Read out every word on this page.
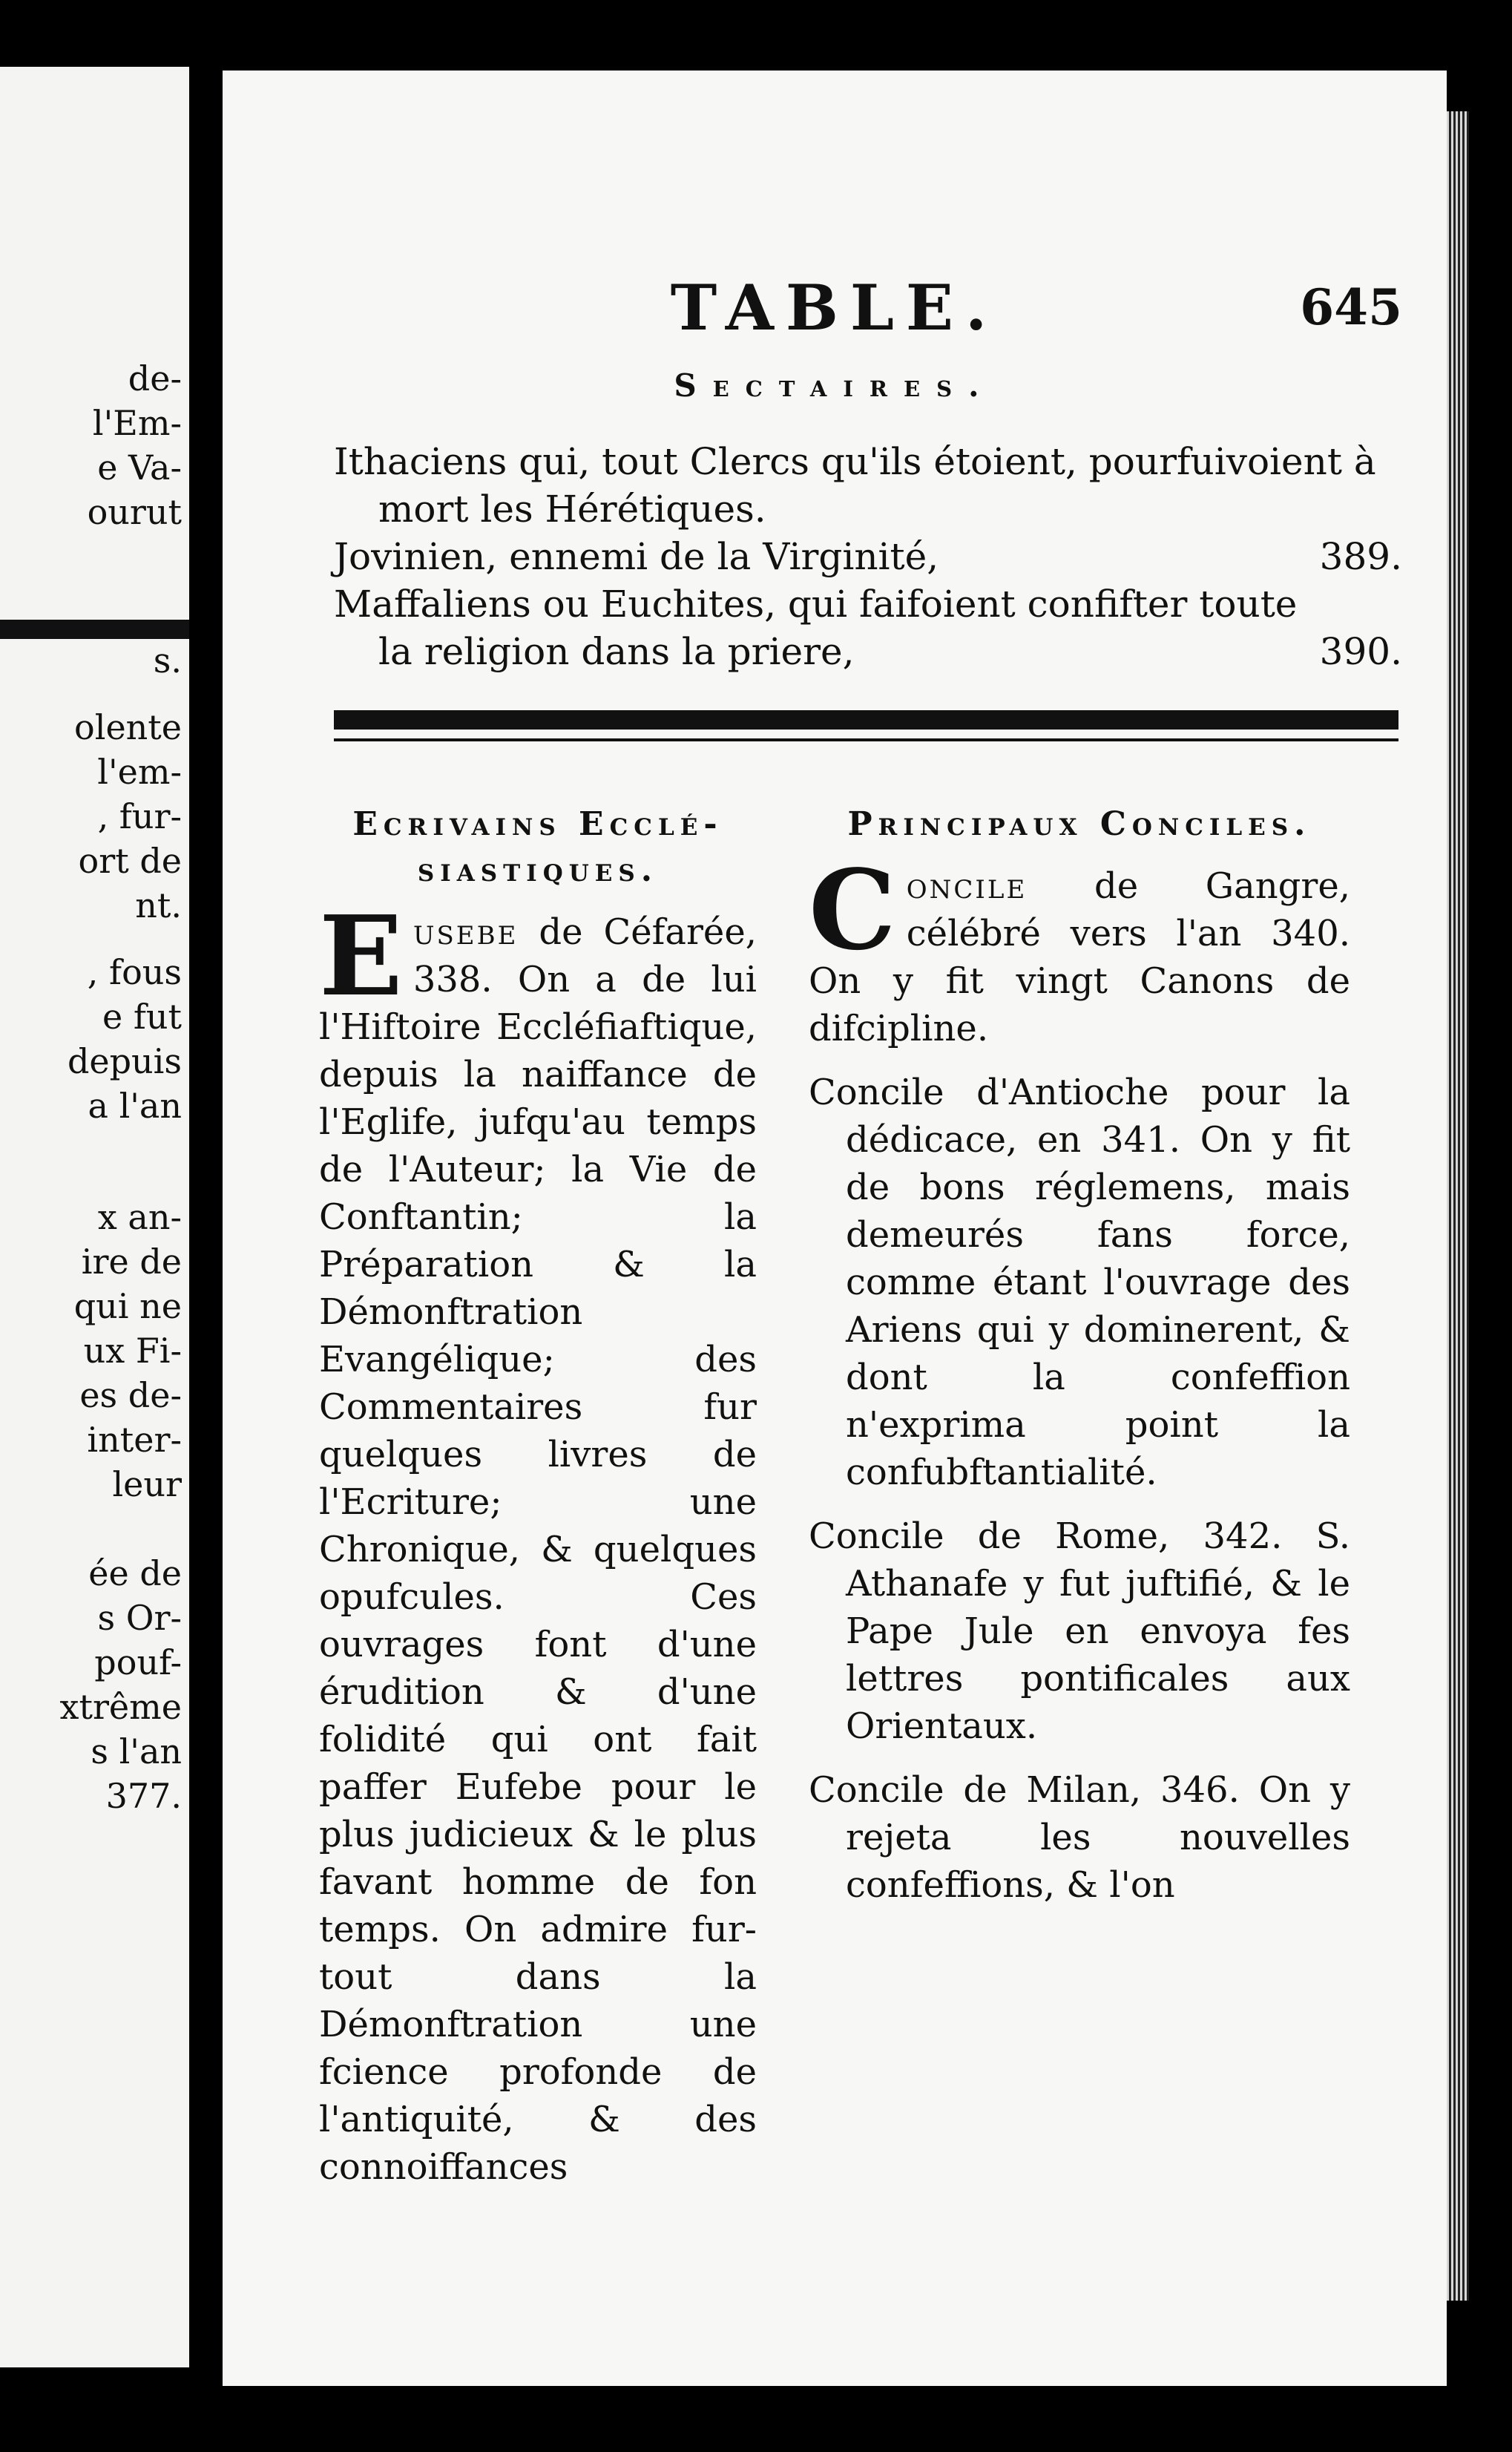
de-
l'Em-
e Va-
ourut
s.
olente
l'em-
, fur-
ort de
nt.
, fous
e fut
depuis
a l'an
x an-
ire de
qui ne
ux Fi-
es de-
inter-
leur
ée de
s Or-
pouf-
xtrême
s l'an
377.
TABLE.	645
Sectaires.
Ithaciens qui, tout Clercs qu'ils étoient, pourfuivoient à mort les Hérétiques.
Jovinien, ennemi de la Virginité,	389.
Maffaliens ou Euchites, qui faifoient confifter toute la religion dans la priere,	390.
Ecrivains Ecclé-siastiques.
Eusebe de Céfarée, 338. On a de lui l'Hiftoire Eccléfiaftique, depuis la naiffance de l'Eglife, jufqu'au temps de l'Auteur; la Vie de Conftantin; la Préparation & la Démonftration Evangélique; des Commentaires fur quelques livres de l'Ecriture; une Chronique, & quelques opufcules. Ces ouvrages font d'une érudition & d'une folidité qui ont fait paffer Eufebe pour le plus judicieux & le plus favant homme de fon temps. On admire fur-tout dans la Démonftration une fcience profonde de l'antiquité, & des connoiffances
Principaux Conciles.
Concile de Gangre, célébré vers l'an 340. On y fit vingt Canons de difcipline.
Concile d'Antioche pour la dédicace, en 341. On y fit de bons réglemens, mais demeurés fans force, comme étant l'ouvrage des Ariens qui y dominerent, & dont la confeffion n'exprima point la confubftantialité.
Concile de Rome, 342. S. Athanafe y fut juftifié, & le Pape Jule en envoya fes lettres pontificales aux Orientaux.
Concile de Milan, 346. On y rejeta les nouvelles confeffions, & l'on
